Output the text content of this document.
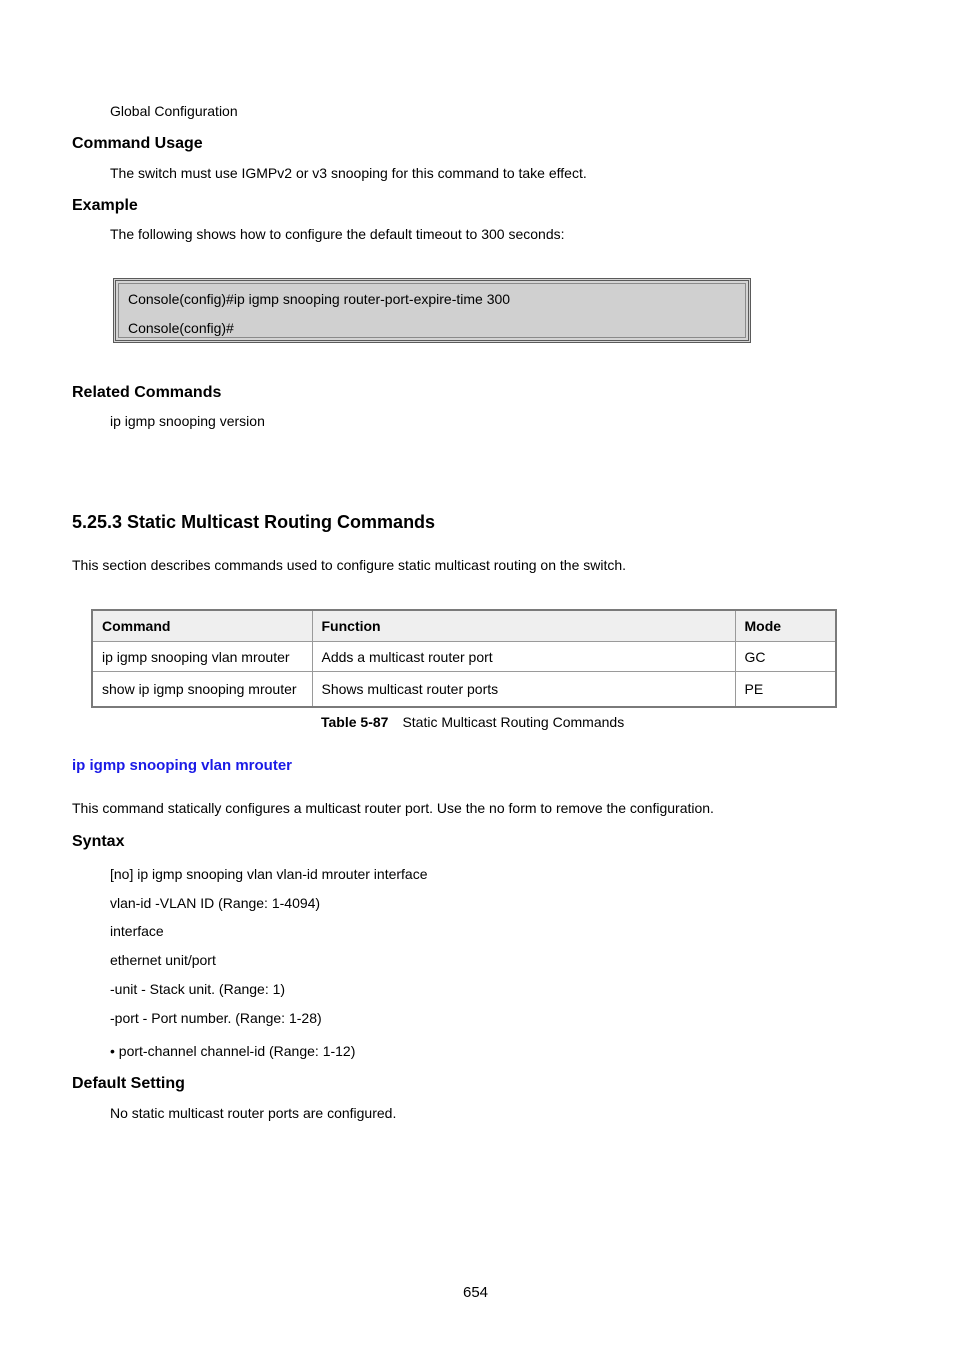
Global Configuration
Command Usage
The switch must use IGMPv2 or v3 snooping for this command to take effect.
Example
The following shows how to configure the default timeout to 300 seconds:
Console(config)#ip igmp snooping router-port-expire-time 300
Console(config)#
Related Commands
ip igmp snooping version
5.25.3 Static Multicast Routing Commands
This section describes commands used to configure static multicast routing on the switch.
Command	Function	Mode
ip igmp snooping vlan mrouter	Adds a multicast router port	GC
show ip igmp snooping mrouter	Shows multicast router ports	PE
Table 5-87 Static Multicast Routing Commands
ip igmp snooping vlan mrouter
This command statically configures a multicast router port. Use the no form to remove the configuration.
Syntax
[no] ip igmp snooping vlan vlan-id mrouter interface
vlan-id -VLAN ID (Range: 1-4094)
interface
ethernet unit/port
-unit - Stack unit. (Range: 1)
-port - Port number. (Range: 1-28)
• port-channel channel-id (Range: 1-12)
Default Setting
No static multicast router ports are configured.
654
